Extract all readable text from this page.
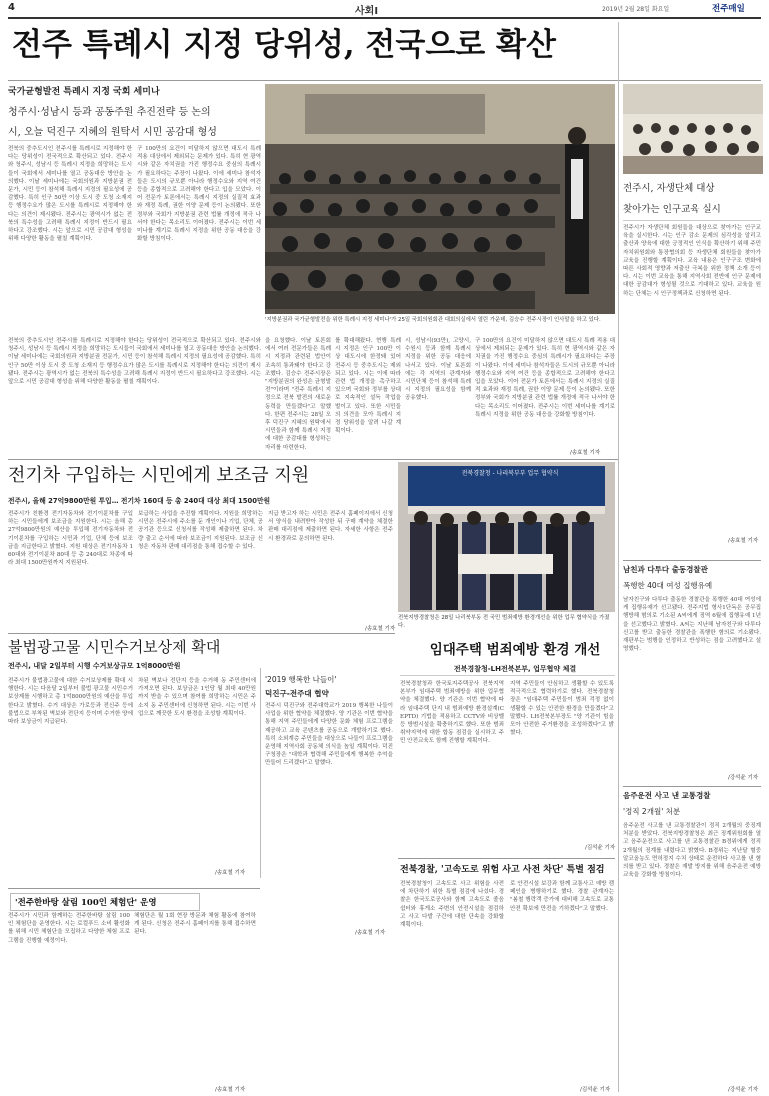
4	사회Ⅰ	2019년 2월 28일 화요일	전주매일
전주 특례시 지정 당위성, 전국으로 확산
국가균형발전 특례시 지정 국회 세미나
청주시·성남시 등과 공동주원 추진전략 등 논의
시, 오늘 덕진구 지혜의 원탁서 시민 공감대 형성
전북의 중추도시인 전주시를 특례시로 지정해야 한다는 당위성이 전국적으로 확산되고 있다. 전주시와 청주시, 성남시 등 특례시 지정을 희망하는 도시들이 국회에서 세미나를 열고 공동대응 방안을 논의했다. 이날 세미나에는 국회의원과 지방분권 전문가, 시민 등이 참석해 특례시 지정의 필요성에 공감했다. 특히 인구 50만 이상 도시 중 도청 소재지 등 행정수요가 많은 도시를 특례시로 지정해야 한다는 의견이 제시됐다. 전주시는 광역시가 없는 전북의 특수성을 고려해 특례시 지정이 반드시 필요하다고 강조했다. 시는 앞으로 시민 공감대 형성을 위해 다양한 활동을 펼칠 계획이다.
구 100만의 요건이 미달하지 않으면 대도시 특례 적용 대상에서 제외되는 문제가 있다. 특히 현 광역시와 같은 자치권을 가진 행정수요 중심의 특례시가 필요하다는 주장이 나왔다. 이에 세미나 참석자들은 도시의 규모뿐 아니라 행정수요와 지역 여건 등을 종합적으로 고려해야 한다고 입을 모았다. 이어 전문가 토론에서는 특례시 지정의 실질적 효과와 재정 특례, 권한 이양 문제 등이 논의됐다. 또한 정부와 국회가 지방분권 관련 법률 개정에 적극 나서야 한다는 목소리도 이어졌다. 전주시는 이번 세미나를 계기로 특례시 지정을 위한 공동 대응을 강화할 방침이다.
'지방분권과 국가균형발전을 위한 특례시 지정 세미나'가 25일 국회의원회관 대회의실에서 열린 가운데, 김승수 전주시장이 인사말을 하고 있다.
을 요청했다. 이날 토론회에서 여러 전문가들은 특례시 지정과 관련된 법안이 조속히 통과돼야 한다고 강조했다. 김승수 전주시장은 "지방분권의 완성은 균형발전"이라며 "전주 특례시 지정으로 전북 발전의 새로운 동력을 만들겠다"고 말했다. 한편 전주시는 28일 오후 덕진구 지혜의 원탁에서 시민들과 함께 특례시 지정에 대한 공감대를 형성하는 자리를 마련한다.
를 확대해왔다. 현행 특례시 지정은 인구 100만 이상 대도시에 한정돼 있어 전주시 등 중추도시는 제외되고 있다. 시는 이에 따라 관련 법 개정을 촉구하고 있으며 국회와 정부를 상대로 지속적인 설득 작업을 벌이고 있다. 또한 시민들의 의견을 모아 특례시 지정 당위성을 알려 나갈 계획이다.
시, 성남시(93만), 고양시, 수원시 등과 함께 특례시 지정을 위한 공동 대응에 나서고 있다. 이날 토론회에는 각 지역의 관계자와 시민단체 등이 참석해 특례시 지정의 필요성을 함께 공유했다.
전북의 중추도시인 전주시를 특례시로 지정해야 한다는 당위성이 전국적으로 확산되고 있다. 전주시와 청주시, 성남시 등 특례시 지정을 희망하는 도시들이 국회에서 세미나를 열고 공동대응 방안을 논의했다. 이날 세미나에는 국회의원과 지방분권 전문가, 시민 등이 참석해 특례시 지정의 필요성에 공감했다. 특히 인구 50만 이상 도시 중 도청 소재지 등 행정수요가 많은 도시를 특례시로 지정해야 한다는 의견이 제시됐다. 전주시는 광역시가 없는 전북의 특수성을 고려해 특례시 지정이 반드시 필요하다고 강조했다. 시는 앞으로 시민 공감대 형성을 위해 다양한 활동을 펼칠 계획이다.
구 100만의 요건이 미달하지 않으면 대도시 특례 적용 대상에서 제외되는 문제가 있다. 특히 현 광역시와 같은 자치권을 가진 행정수요 중심의 특례시가 필요하다는 주장이 나왔다. 이에 세미나 참석자들은 도시의 규모뿐 아니라 행정수요와 지역 여건 등을 종합적으로 고려해야 한다고 입을 모았다. 이어 전문가 토론에서는 특례시 지정의 실질적 효과와 재정 특례, 권한 이양 문제 등이 논의됐다. 또한 정부와 국회가 지방분권 관련 법률 개정에 적극 나서야 한다는 목소리도 이어졌다. 전주시는 이번 세미나를 계기로 특례시 지정을 위한 공동 대응을 강화할 방침이다.
/송효철 기자
전기차 구입하는 시민에게 보조금 지원
전주시, 올해 27억9800만원 투입… 전기차 160대 등 총 240대 대상 최대 1500만원
전주시가 친환경 전기자동차와 전기이륜차를 구입하는 시민들에게 보조금을 지원한다. 시는 올해 총 27억9800만원의 예산을 투입해 전기자동차와 전기이륜차를 구입하는 시민과 기업, 단체 등에 보조금을 지급한다고 밝혔다. 지원 대상은 전기자동차 160대와 전기이륜차 80대 등 총 240대로 차종에 따라 최대 1500만원까지 지원된다.
보급하는 사업을 추진할 계획이다. 지원을 희망하는 시민은 전주시에 주소를 둔 개인이나 기업, 단체, 공공기관 등으로 신청서를 작성해 제출하면 된다. 차량 출고 순서에 따라 보조금이 지원된다. 보조금 신청은 자동차 판매 대리점을 통해 접수할 수 있다.
지급 받고자 하는 시민은 전주시 홈페이지에서 신청서 양식을 내려받아 작성한 뒤 구매 계약을 체결한 판매 대리점에 제출하면 된다. 자세한 사항은 전주시 환경과로 문의하면 된다.
/송효철 기자
전북경찰청 - 나리북부부 업무 협약식
전북지방경찰청은 28일 나리북부동 전 국민 범죄예방 환경개선을 위한 업무 협약식을 가졌다.
임대주택 범죄예방 환경 개선
전북경찰청-LH전북본부, 업무협약 체결
전북경찰청과 한국토지주택공사 전북지역본부가 임대주택 범죄예방을 위한 업무협약을 체결했다. 양 기관은 이번 협약에 따라 임대주택 단지 내 범죄예방 환경설계(CEPTD) 기법을 적용하고 CCTV와 비상벨 등 방범시설을 확충하기로 했다. 또한 범죄 취약지역에 대한 합동 점검을 실시하고 주민 안전교육도 함께 진행할 계획이다.
지역 주민들이 안심하고 생활할 수 있도록 적극적으로 협력하기로 했다. 전북경찰청장은 "임대주택 주민들이 범죄 걱정 없이 생활할 수 있는 안전한 환경을 만들겠다"고 말했다. LH전북본부장도 "양 기관이 힘을 모아 안전한 주거환경을 조성하겠다"고 밝혔다.
/김석윤 기자
불법광고물 시민수거보상제 확대
전주시, 내달 2일부터 시행 수거보상규모 1억8000만원
전주시가 불법광고물에 대한 수거보상제를 확대 시행한다. 시는 다음달 2일부터 불법 광고물 시민수거보상제를 시행하고 총 1억8000만원의 예산을 투입한다고 밝혔다. 수거 대상은 가로등과 전신주 등에 불법으로 부착된 벽보와 전단지 등이며 수거한 양에 따라 보상금이 지급된다.
차된 벽보나 전단지 등을 수거해 동 주민센터에 가져오면 된다. 보상금은 1인당 월 최대 40만원까지 받을 수 있으며 참여를 희망하는 시민은 주소지 동 주민센터에 신청하면 된다. 시는 이번 사업으로 깨끗한 도시 환경을 조성할 계획이다.
/송효철 기자
'2019 행복한 나들이'
덕진구-전주대 협약
전주시 덕진구와 전주대학교가 2019 행복한 나들이 사업을 위한 협약을 체결했다. 양 기관은 이번 협약을 통해 지역 주민들에게 다양한 문화 체험 프로그램을 제공하고 교육 콘텐츠를 공동으로 개발하기로 했다. 특히 소외계층 주민들을 대상으로 나들이 프로그램을 운영해 지역사회 공동체 의식을 높일 계획이다. 덕진구청장은 "대학과 협력해 주민들에게 행복한 추억을 만들어 드리겠다"고 말했다.
/송효철 기자
전북경찰, '고속도로 위험 사고 사전 차단' 특별 점검
전북경찰청이 고속도로 사고 위험을 사전에 차단하기 위한 특별 점검에 나섰다. 경찰은 한국도로공사와 함께 고속도로 졸음쉼터와 휴게소 주변의 안전시설을 점검하고 사고 다발 구간에 대한 단속을 강화할 계획이다.
로 안전시설 보강과 함께 교통사고 예방 캠페인을 병행하기로 했다. 경찰 관계자는 "봄철 행락객 증가에 대비해 고속도로 교통안전 확보에 만전을 기하겠다"고 말했다.
/김석윤 기자
'전주한바탕 살림 100인 체험단' 운영
전주시가 시민과 함께하는 전주한바탕 살림 100인 체험단을 운영한다. 시는 로컬푸드 소비 활성화를 위해 시민 체험단을 모집하고 다양한 체험 프로그램을 진행할 예정이다.
체험단은 월 1회 현장 방문과 체험 활동에 참여하게 된다. 신청은 전주시 홈페이지를 통해 접수하면 된다.
/송효철 기자
전주시, 자생단체 대상
찾아가는 인구교육 실시
전주시가 자생단체 회원들을 대상으로 찾아가는 인구교육을 실시한다. 시는 인구 감소 문제의 심각성을 알리고 출산과 양육에 대한 긍정적인 인식을 확산하기 위해 주민자치위원회와 통장협의회 등 자생단체 회원들을 찾아가 교육을 진행할 계획이다. 교육 내용은 인구구조 변화에 따른 사회적 영향과 저출산 극복을 위한 정책 소개 등이다. 시는 이번 교육을 통해 지역사회 전반에 인구 문제에 대한 공감대가 형성될 것으로 기대하고 있다. 교육을 원하는 단체는 시 인구정책과로 신청하면 된다.
/송효철 기자
남친과 다투다 출동경찰관
폭행한 40대 여성 집행유예
남자친구와 다투다 출동한 경찰관을 폭행한 40대 여성에게 집행유예가 선고됐다. 전주지법 형사1단독은 공무집행방해 혐의로 기소된 A씨에게 징역 6월에 집행유예 1년을 선고했다고 밝혔다. A씨는 지난해 남자친구와 다투다 신고를 받고 출동한 경찰관을 폭행한 혐의로 기소됐다. 재판부는 범행을 인정하고 반성하는 점을 고려했다고 설명했다.
/강석윤 기자
음주운전 사고 낸 교통경찰
'정직 2개월' 처분
음주운전 사고를 낸 교통경찰관이 정직 2개월의 중징계 처분을 받았다. 전북지방경찰청은 최근 징계위원회를 열고 음주운전으로 사고를 낸 교통경찰관 B경위에게 정직 2개월의 징계를 내렸다고 밝혔다. B경위는 지난달 혈중알코올농도 면허정지 수치 상태로 운전하다 사고를 낸 혐의를 받고 있다. 경찰은 재발 방지를 위해 음주운전 예방 교육을 강화할 방침이다.
/강석윤 기자
